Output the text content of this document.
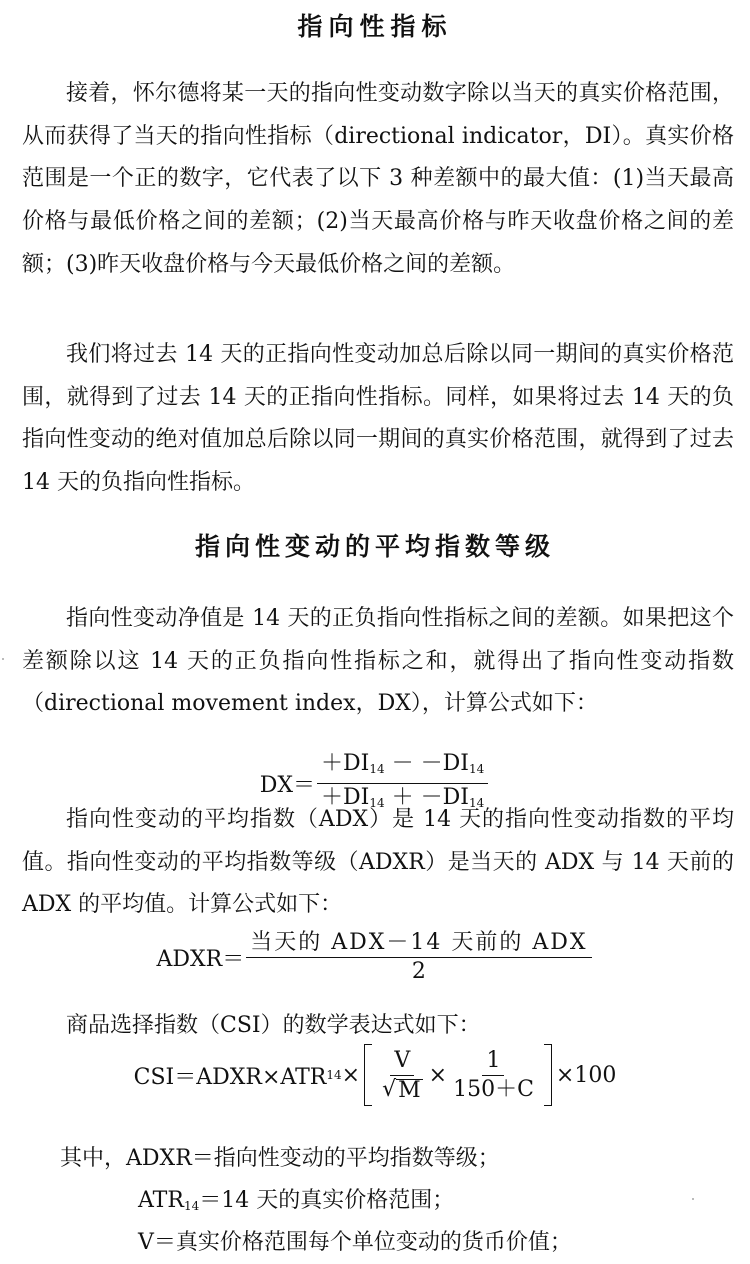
指向性指标

接着，怀尔德将某一天的指向性变动数字除以当天的真实价格范围，从而获得了当天的指向性指标（directional indicator，DI）。真实价格范围是一个正的数字，它代表了以下 3 种差额中的最大值：(1)当天最高价格与最低价格之间的差额；(2)当天最高价格与昨天收盘价格之间的差额；(3)昨天收盘价格与今天最低价格之间的差额。

我们将过去 14 天的正指向性变动加总后除以同一期间的真实价格范围，就得到了过去 14 天的正指向性指标。同样，如果将过去 14 天的负指向性变动的绝对值加总后除以同一期间的真实价格范围，就得到了过去 14 天的负指向性指标。

指向性变动的平均指数等级

指向性变动净值是 14 天的正负指向性指标之间的差额。如果把这个差额除以这 14 天的正负指向性指标之和，就得出了指向性变动指数（directional movement index，DX），计算公式如下：

$DX= \frac{+DI_{14} - -DI_{14}}{+DI_{14} + -DI_{14}}$

指向性变动的平均指数（ADX）是 14 天的指向性变动指数的平均值。指向性变动的平均指数等级（ADXR）是当天的 ADX 与 14 天前的 ADX 的平均值。计算公式如下：

ADXR＝ $\frac{\text{当天的 ADX－14 天前的 ADX}}{2}$

商品选择指数（CSI）的数学表达式如下：

CSI＝ADXR×ATR $14 \times \frac{V}{√ M} \times \frac{1}{150+C} \times 100$

其中，ADXR＝指向性变动的平均指数等级；

$ATR_{14}=14$ 天的真实价格范围；

V＝真实价格范围每个单位变动的货币价值；
